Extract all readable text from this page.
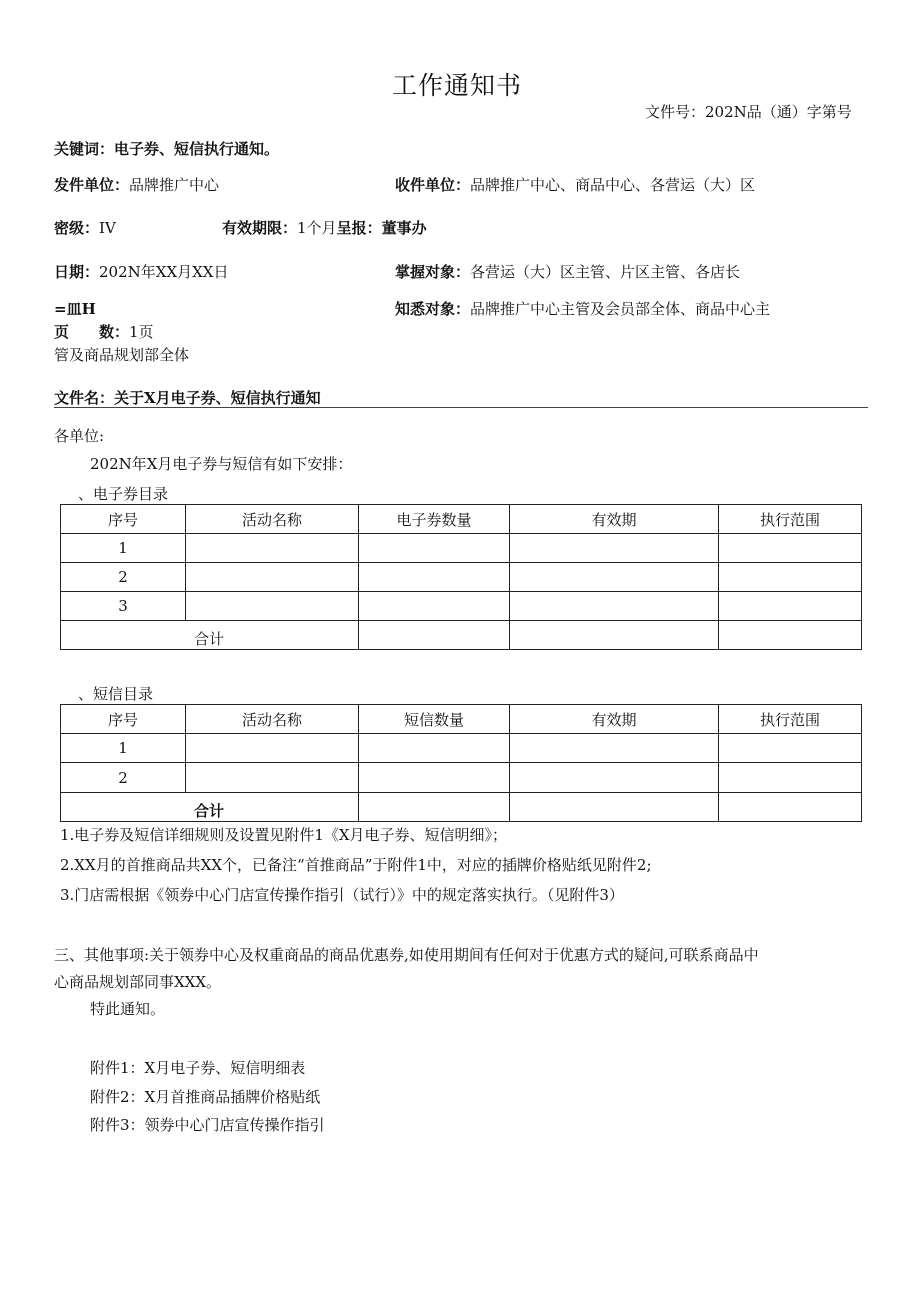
工作通知书
文件号：202N品（通）字第号
关键词：电子券、短信执行通知。
发件单位：品牌推广中心	收件单位：品牌推广中心、商品中心、各营运（大）区
密级：IV	有效期限：1个月呈报：董事办
日期：202N年XX月XX日	掌握对象：各营运（大）区主管、片区主管、各店长
=皿H	知悉对象：品牌推广中心主管及会员部全体、商品中心主
页　　数：1页
管及商品规划部全体
文件名：关于X月电子券、短信执行通知
各单位:
202N年X月电子券与短信有如下安排：
、电子券目录
序号	活动名称	电子券数量	有效期	执行范围
1				
2				
3				
合计				
、短信目录
序号	活动名称	短信数量	有效期	执行范围
1				
2				
合计				
1.电子券及短信详细规则及设置见附件1《X月电子券、短信明细》；
2.XX月的首推商品共XX个，已备注“首推商品”于附件1中，对应的插牌价格贴纸见附件2;
3.门店需根据《领券中心门店宣传操作指引（试行）》中的规定落实执行。（见附件3）
三、其他事项:关于领券中心及权重商品的商品优惠券,如使用期间有任何对于优惠方式的疑问,可联系商品中
心商品规划部同事XXX。
特此通知。
附件1：X月电子券、短信明细表
附件2：X月首推商品插牌价格贴纸
附件3：领券中心门店宣传操作指引
